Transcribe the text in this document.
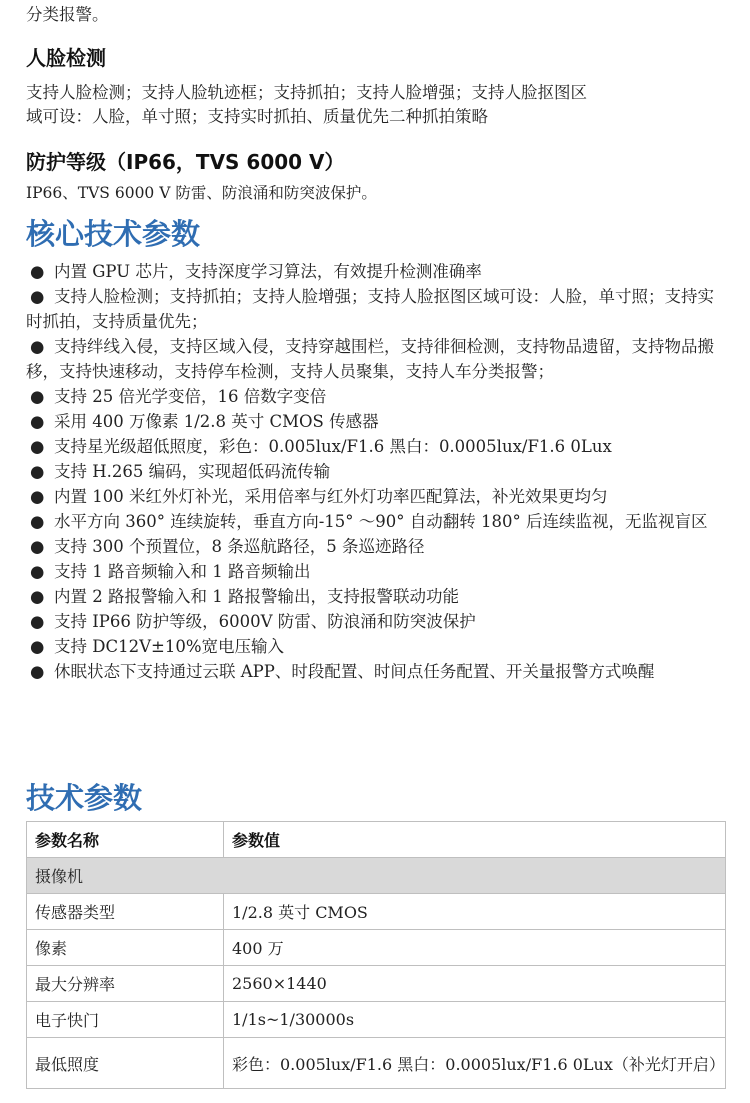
分类报警。
人脸检测
支持人脸检测；支持人脸轨迹框；支持抓拍；支持人脸增强；支持人脸抠图区
域可设：人脸，单寸照；支持实时抓拍、质量优先二种抓拍策略
防护等级（IP66，TVS 6000 V）
IP66、TVS 6000 V 防雷、防浪涌和防突波保护。
核心技术参数

● 内置 GPU 芯片，支持深度学习算法，有效提升检测准确率

● 支持人脸检测；支持抓拍；支持人脸增强；支持人脸抠图区域可设：人脸，单寸照；支持实时抓拍，支持质量优先；

● 支持绊线入侵，支持区域入侵，支持穿越围栏，支持徘徊检测，支持物品遗留，支持物品搬移，支持快速移动，支持停车检测，支持人员聚集，支持人车分类报警；

● 支持 25 倍光学变倍，16 倍数字变倍

● 采用 400 万像素 1/2.8 英寸 CMOS 传感器

● 支持星光级超低照度，彩色：0.005lux/F1.6 黑白：0.0005lux/F1.6 0Lux

● 支持 H.265 编码，实现超低码流传输

● 内置 100 米红外灯补光，采用倍率与红外灯功率匹配算法，补光效果更均匀

● 水平方向 360° 连续旋转，垂直方向-15° ～90° 自动翻转 180° 后连续监视，无监视盲区

● 支持 300 个预置位，8 条巡航路径，5 条巡迹路径

● 支持 1 路音频输入和 1 路音频输出

● 内置 2 路报警输入和 1 路报警输出，支持报警联动功能

● 支持 IP66 防护等级，6000V 防雷、防浪涌和防突波保护

● 支持 DC12V±10%宽电压输入

● 休眠状态下支持通过云联 APP、时段配置、时间点任务配置、开关量报警方式唤醒

技术参数
参数名称	参数值
摄像机	
传感器类型	1/2.8 英寸 CMOS
像素	400 万
最大分辨率	2560×1440
电子快门	1/1s~1/30000s
最低照度	彩色：0.005lux/F1.6 黑白：0.0005lux/F1.6 0Lux（补光灯开启）
